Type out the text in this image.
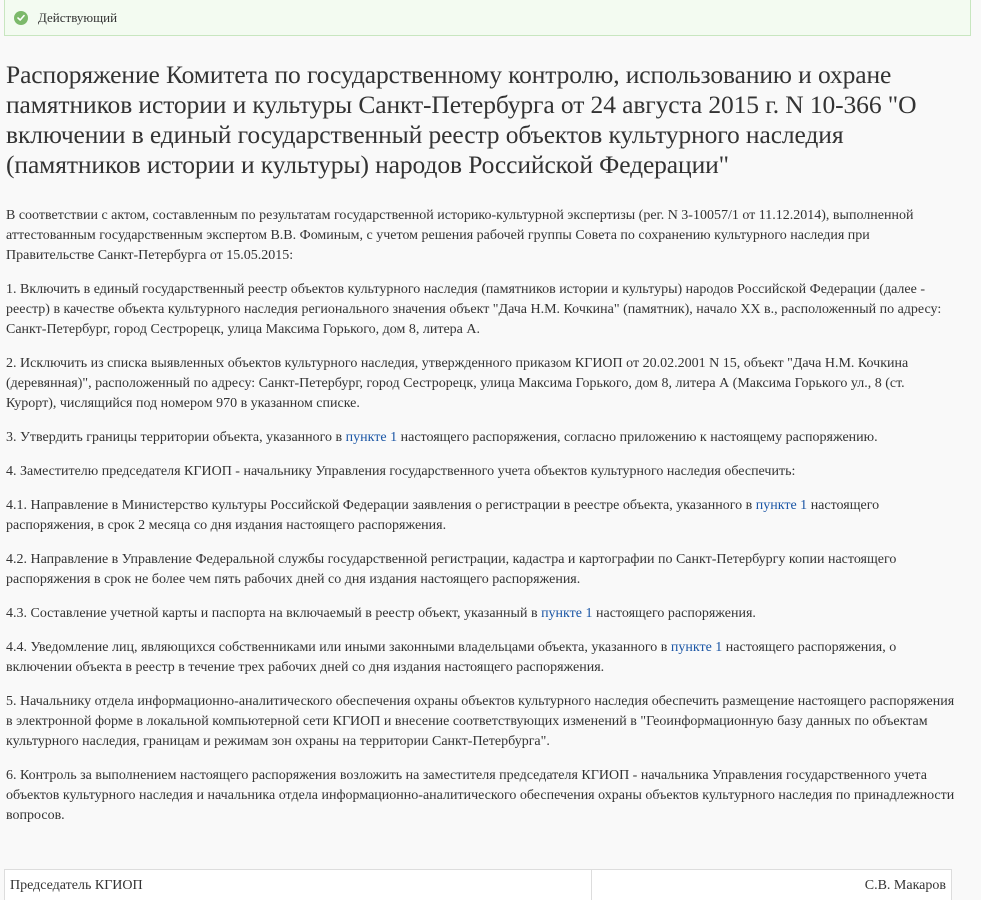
Действующий
Распоряжение Комитета по государственному контролю, использованию и охране памятников истории и культуры Санкт-Петербурга от 24 августа 2015 г. N 10-366 "О включении в единый государственный реестр объектов культурного наследия (памятников истории и культуры) народов Российской Федерации"

В соответствии с актом, составленным по результатам государственной историко-культурной экспертизы (рег. N 3-10057/1 от 11.12.2014), выполненной аттестованным государственным экспертом В.В. Фоминым, с учетом решения рабочей группы Совета по сохранению культурного наследия при Правительстве Санкт-Петербурга от 15.05.2015:

1. Включить в единый государственный реестр объектов культурного наследия (памятников истории и культуры) народов Российской Федерации (далее - реестр) в качестве объекта культурного наследия регионального значения объект "Дача Н.М. Кочкина" (памятник), начало XX в., расположенный по адресу: Санкт-Петербург, город Сестрорецк, улица Максима Горького, дом 8, литера А.

2. Исключить из списка выявленных объектов культурного наследия, утвержденного приказом КГИОП от 20.02.2001 N 15, объект "Дача Н.М. Кочкина (деревянная)", расположенный по адресу: Санкт-Петербург, город Сестрорецк, улица Максима Горького, дом 8, литера А (Максима Горького ул., 8 (ст. Курорт), числящийся под номером 970 в указанном списке.

3. Утвердить границы территории объекта, указанного в пункте 1 настоящего распоряжения, согласно приложению к настоящему распоряжению.

4. Заместителю председателя КГИОП - начальнику Управления государственного учета объектов культурного наследия обеспечить:

4.1. Направление в Министерство культуры Российской Федерации заявления о регистрации в реестре объекта, указанного в пункте 1 настоящего распоряжения, в срок 2 месяца со дня издания настоящего распоряжения.

4.2. Направление в Управление Федеральной службы государственной регистрации, кадастра и картографии по Санкт-Петербургу копии настоящего распоряжения в срок не более чем пять рабочих дней со дня издания настоящего распоряжения.

4.3. Составление учетной карты и паспорта на включаемый в реестр объект, указанный в пункте 1 настоящего распоряжения.

4.4. Уведомление лиц, являющихся собственниками или иными законными владельцами объекта, указанного в пункте 1 настоящего распоряжения, о включении объекта в реестр в течение трех рабочих дней со дня издания настоящего распоряжения.

5. Начальнику отдела информационно-аналитического обеспечения охраны объектов культурного наследия обеспечить размещение настоящего распоряжения в электронной форме в локальной компьютерной сети КГИОП и внесение соответствующих изменений в "Геоинформационную базу данных по объектам культурного наследия, границам и режимам зон охраны на территории Санкт-Петербурга".

6. Контроль за выполнением настоящего распоряжения возложить на заместителя председателя КГИОП - начальника Управления государственного учета объектов культурного наследия и начальника отдела информационно-аналитического обеспечения охраны объектов культурного наследия по принадлежности вопросов.

Председатель КГИОП	С.В. Макаров
